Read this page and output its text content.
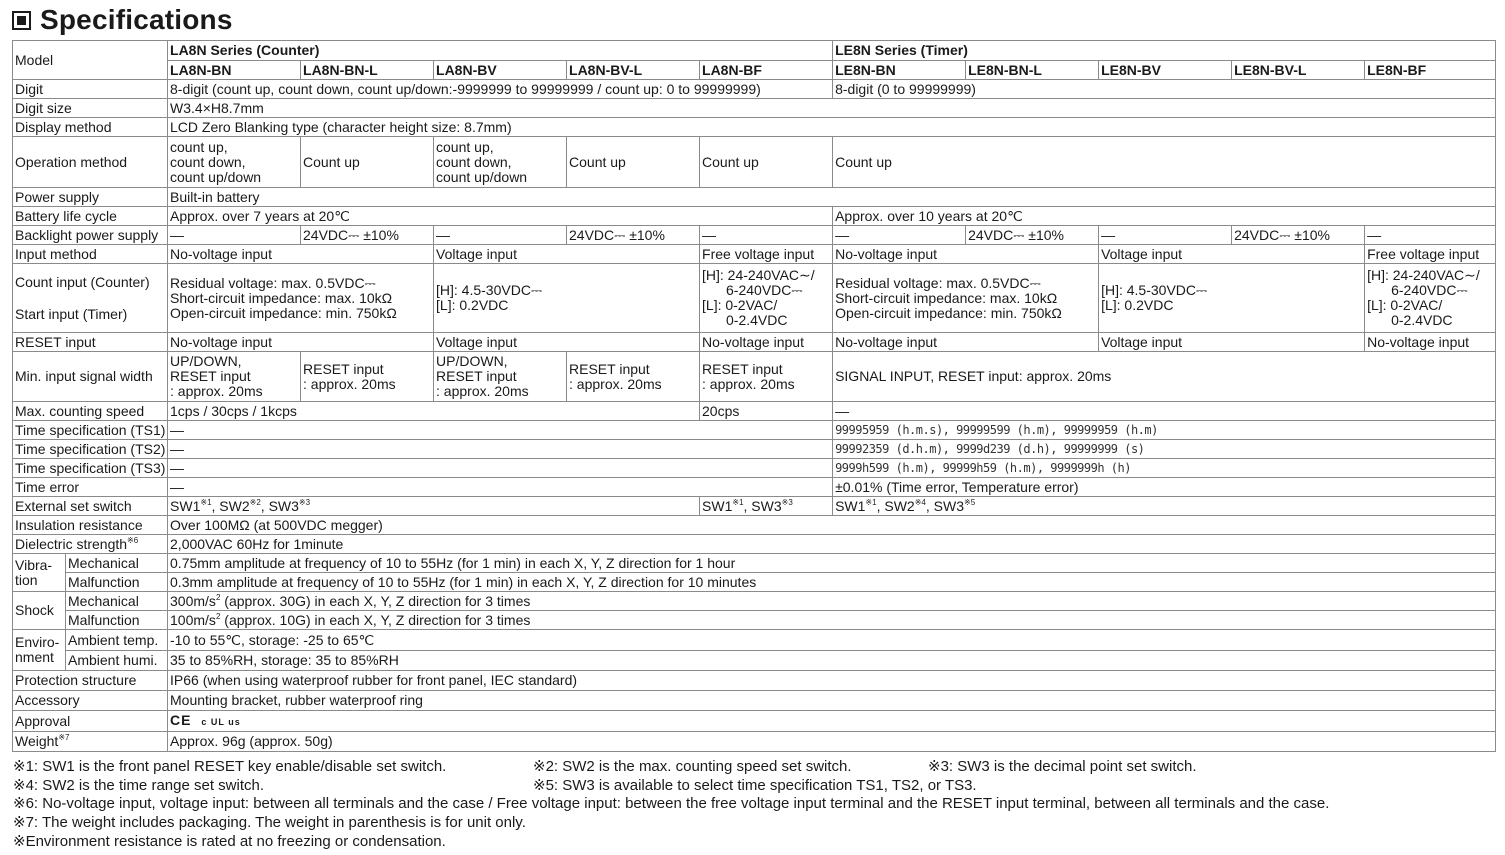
Specifications
Model		LA8N Series (Counter)					LE8N Series (Timer)				
		LA8N-BN	LA8N-BN-L	LA8N-BV	LA8N-BV-L	LA8N-BF	LE8N-BN	LE8N-BN-L	LE8N-BV	LE8N-BV-L	LE8N-BF
Digit		8-digit (count up, count down, count up/down:-9999999 to 99999999 / count up: 0 to 99999999)					8-digit (0 to 99999999)				
Digit size		W3.4×H8.7mm									
Display method		LCD Zero Blanking type (character height size: 8.7mm)									
Operation method		count up,
count down,
count up/down	Count up	count up,
count down,
count up/down	Count up	Count up	Count up				
Power supply		Built-in battery									
Battery life cycle		Approx. over 7 years at 20℃					Approx. over 10 years at 20℃				
Backlight power supply		—	24VDC⎓ ±10%	—	24VDC⎓ ±10%	—	—	24VDC⎓ ±10%	—	24VDC⎓ ±10%	—
Input method		No-voltage input		Voltage input		Free voltage input	No-voltage input		Voltage input		Free voltage input

Count input (Counter)
Start input (Timer)		Residual voltage: max. 0.5VDC⎓
Short-circuit impedance: max. 10kΩ
Open-circuit impedance: min. 750kΩ		[H]: 4.5-30VDC⎓
[L]: 0.2VDC		[H]: 24-240VAC∼/
6-240VDC⎓
[L]: 0-2VAC/
0-2.4VDC	Residual voltage: max. 0.5VDC⎓
Short-circuit impedance: max. 10kΩ
Open-circuit impedance: min. 750kΩ		[H]: 4.5-30VDC⎓
[L]: 0.2VDC		[H]: 24-240VAC∼/
6-240VDC⎓
[L]: 0-2VAC/
0-2.4VDC

RESET input		No-voltage input		Voltage input		No-voltage input	No-voltage input		Voltage input		No-voltage input
Min. input signal width		UP/DOWN,
RESET input
: approx. 20ms	RESET input
: approx. 20ms	UP/DOWN,
RESET input
: approx. 20ms	RESET input
: approx. 20ms	RESET input
: approx. 20ms	SIGNAL INPUT, RESET input: approx. 20ms				
Max. counting speed		1cps / 30cps / 1kcps				20cps	—				
Time specification (TS1)		—					99995959 (h.m.s), 99999599 (h.m), 99999959 (h.m)				
Time specification (TS2)		—					99992359 (d.h.m), 9999d239 (d.h), 99999999 (s)				
Time specification (TS3)		—					9999h599 (h.m), 99999h59 (h.m), 9999999h (h)				
Time error		—					±0.01% (Time error, Temperature error)				
External set switch		SW1$^{※1}$, SW2$^{※2}$, SW3$^{※3}$				SW1$^{※1}$, SW3$^{※3}$	SW1$^{※1}$, SW2$^{※4}$, SW3$^{※5}$
Insulation resistance		Over 100MΩ (at 500VDC megger)									
Dielectric strength$^{※6}$		2,000VAC 60Hz for 1minute									

Vibra-
tion	Mechanical	0.75mm amplitude at frequency of 10 to 55Hz (for 1 min) in each X, Y, Z direction for 1 hour									
	Malfunction	0.3mm amplitude at frequency of 10 to 55Hz (for 1 min) in each X, Y, Z direction for 10 minutes									
Shock	Mechanical	$300m/s^2$ (approx. 30G) in each X, Y, Z direction for 3 times									
	Malfunction	$100m/s^2$ (approx. 10G) in each X, Y, Z direction for 3 times									

Enviro-
nment	Ambient temp.	-10 to 55℃, storage: -25 to 65℃									
	Ambient humi.	35 to 85%RH, storage: 35 to 85%RH									
Protection structure		IP66 (when using waterproof rubber for front panel, IEC standard)									
Accessory		Mounting bracket, rubber waterproof ring									
Approval		CE c UL us									
Weight$^{※7}$		Approx. 96g (approx. 50g)									
※1: SW1 is the front panel RESET key enable/disable set switch.	※2: SW2 is the max. counting speed set switch.	※3: SW3 is the decimal point set switch.
※4: SW2 is the time range set switch.	※5: SW3 is available to select time specification TS1, TS2, or TS3.
※6: No-voltage input, voltage input: between all terminals and the case / Free voltage input: between the free voltage input terminal and the RESET input terminal, between all terminals and the case.
※7: The weight includes packaging. The weight in parenthesis is for unit only.
※Environment resistance is rated at no freezing or condensation.
